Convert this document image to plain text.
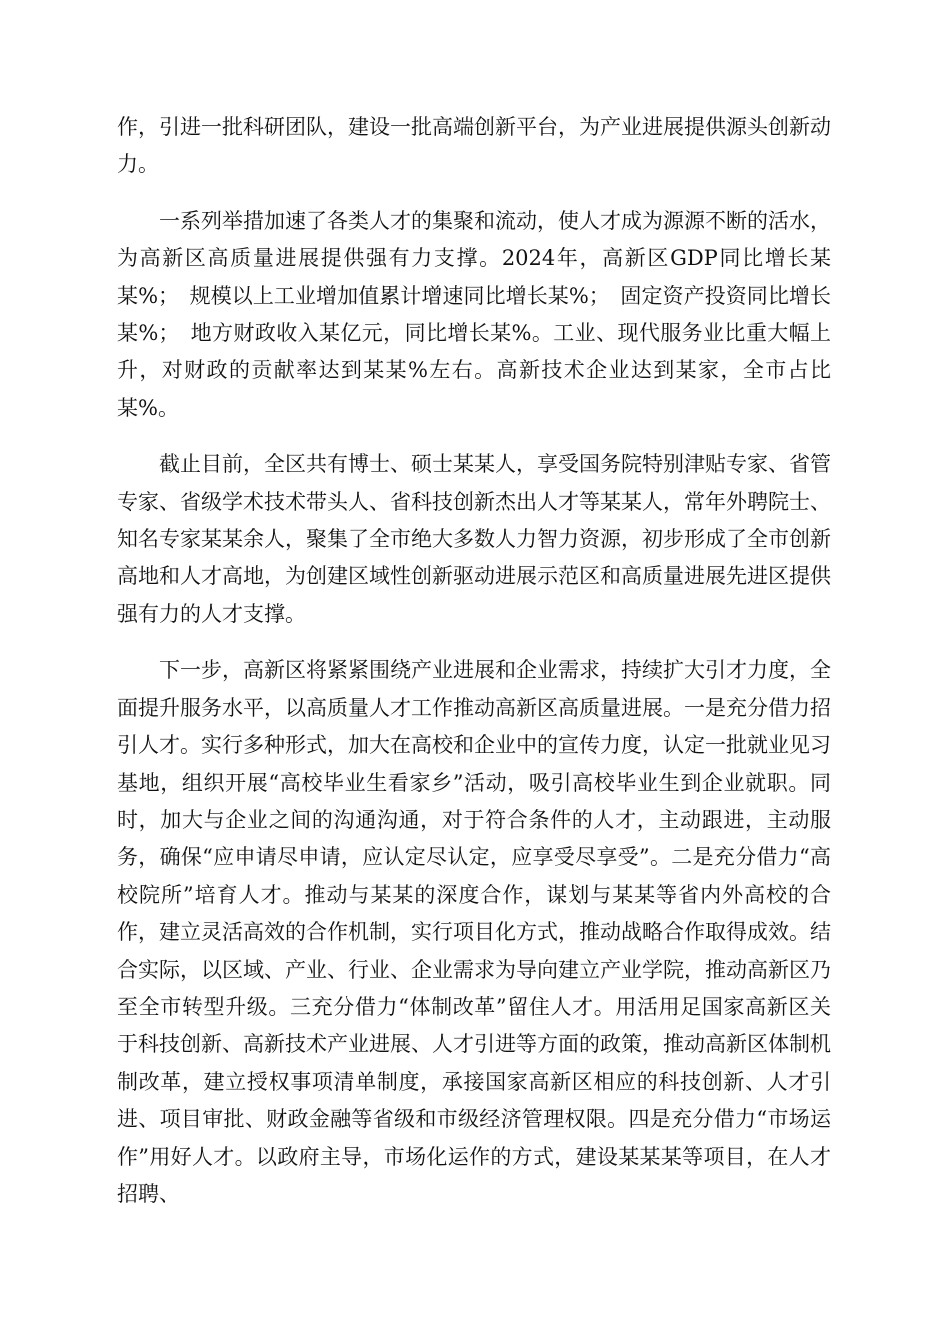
作，引进一批科研团队，建设一批高端创新平台，为产业进展提供源头创新动力。

一系列举措加速了各类人才的集聚和流动，使人才成为源源不断的活水，为高新区高质量进展提供强有力支撑。2024年，高新区GDP同比增长某某%；　规模以上工业增加值累计增速同比增长某%；　固定资产投资同比增长某%；　地方财政收入某亿元，同比增长某%。工业、现代服务业比重大幅上升，对财政的贡献率达到某某%左右。高新技术企业达到某家，全市占比某%。

截止目前，全区共有博士、硕士某某人，享受国务院特别津贴专家、省管专家、省级学术技术带头人、省科技创新杰出人才等某某人，常年外聘院士、知名专家某某余人，聚集了全市绝大多数人力智力资源，初步形成了全市创新高地和人才高地，为创建区域性创新驱动进展示范区和高质量进展先进区提供强有力的人才支撑。

下一步，高新区将紧紧围绕产业进展和企业需求，持续扩大引才力度，全面提升服务水平，以高质量人才工作推动高新区高质量进展。一是充分借力招引人才。实行多种形式，加大在高校和企业中的宣传力度，认定一批就业见习基地，组织开展“高校毕业生看家乡”活动，吸引高校毕业生到企业就职。同时，加大与企业之间的沟通沟通，对于符合条件的人才，主动跟进，主动服务，确保“应申请尽申请，应认定尽认定，应享受尽享受”。二是充分借力“高校院所”培育人才。推动与某某的深度合作，谋划与某某等省内外高校的合作，建立灵活高效的合作机制，实行项目化方式，推动战略合作取得成效。结合实际，以区域、产业、行业、企业需求为导向建立产业学院，推动高新区乃至全市转型升级。三充分借力“体制改革”留住人才。用活用足国家高新区关于科技创新、高新技术产业进展、人才引进等方面的政策，推动高新区体制机制改革，建立授权事项清单制度，承接国家高新区相应的科技创新、人才引进、项目审批、财政金融等省级和市级经济管理权限。四是充分借力“市场运作”用好人才。以政府主导，市场化运作的方式，建设某某某等项目，在人才招聘、
